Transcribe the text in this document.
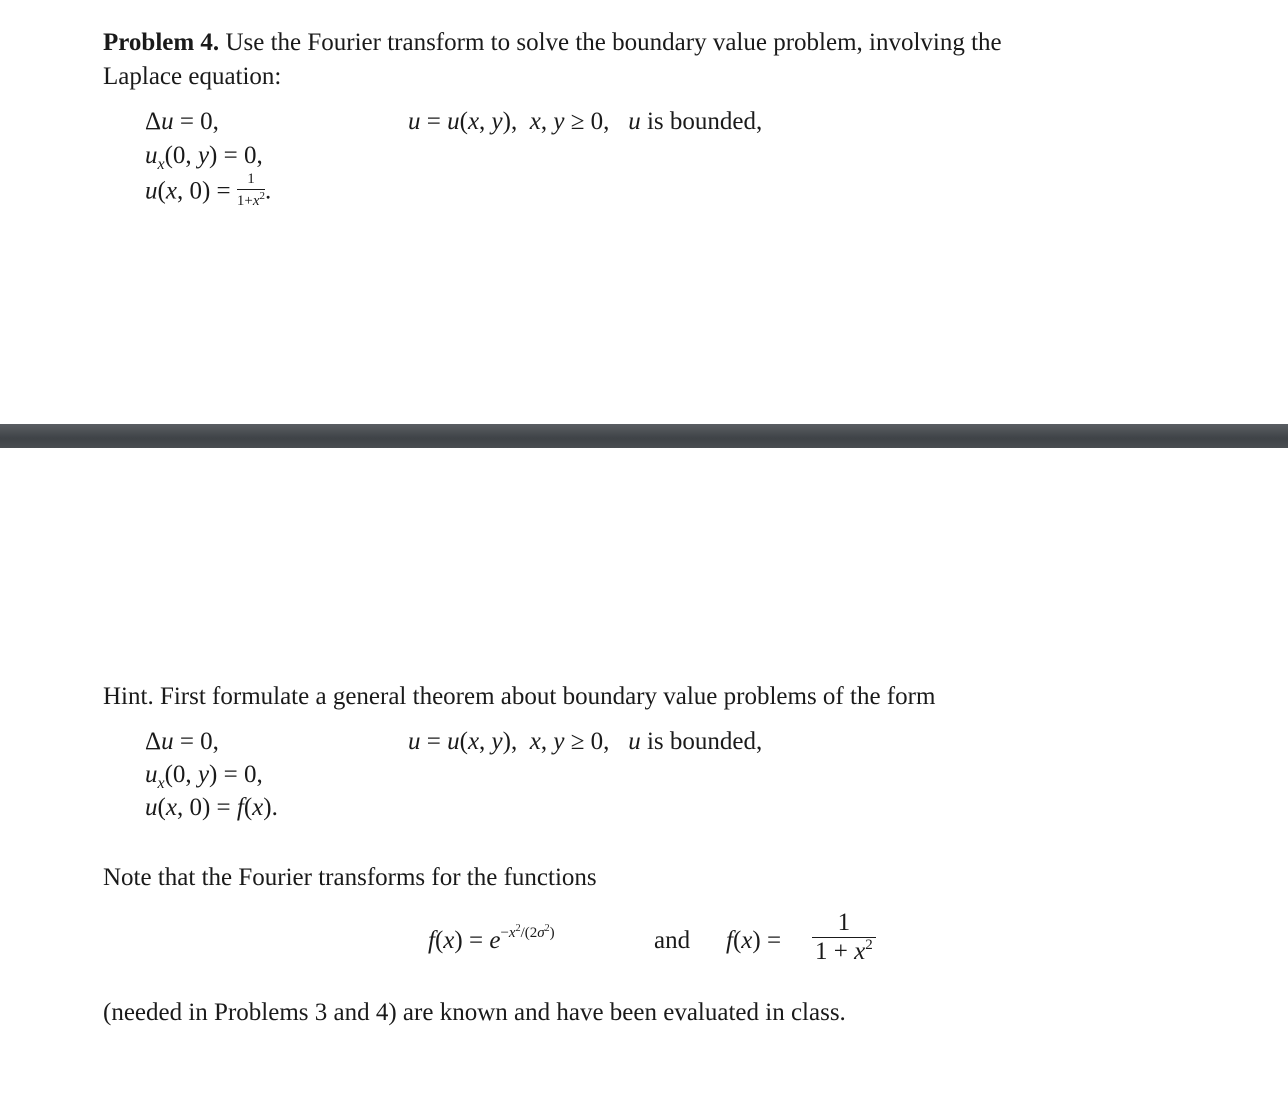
Problem 4. Use the Fourier transform to solve the boundary value problem, involving the
Laplace equation:
Δu = 0,	u = u(x, y),  x, y ≥ 0,   u is bounded,
$u_x(0$, y) = 0,
u(x, $0) = \frac{1}{1+x^2}$ .
Hint. First formulate a general theorem about boundary value problems of the form
Δu = 0,	u = u(x, y),  x, y ≥ 0,   u is bounded,
$u_x(0$, y) = 0,
u(x, 0) = f(x).
Note that the Fourier transforms for the functions
$f(x) = e^{-x^2/(2\sigma^2)}$	and $f(x) = \frac{1}{1 + x^2}$
(needed in Problems 3 and 4) are known and have been evaluated in class.
